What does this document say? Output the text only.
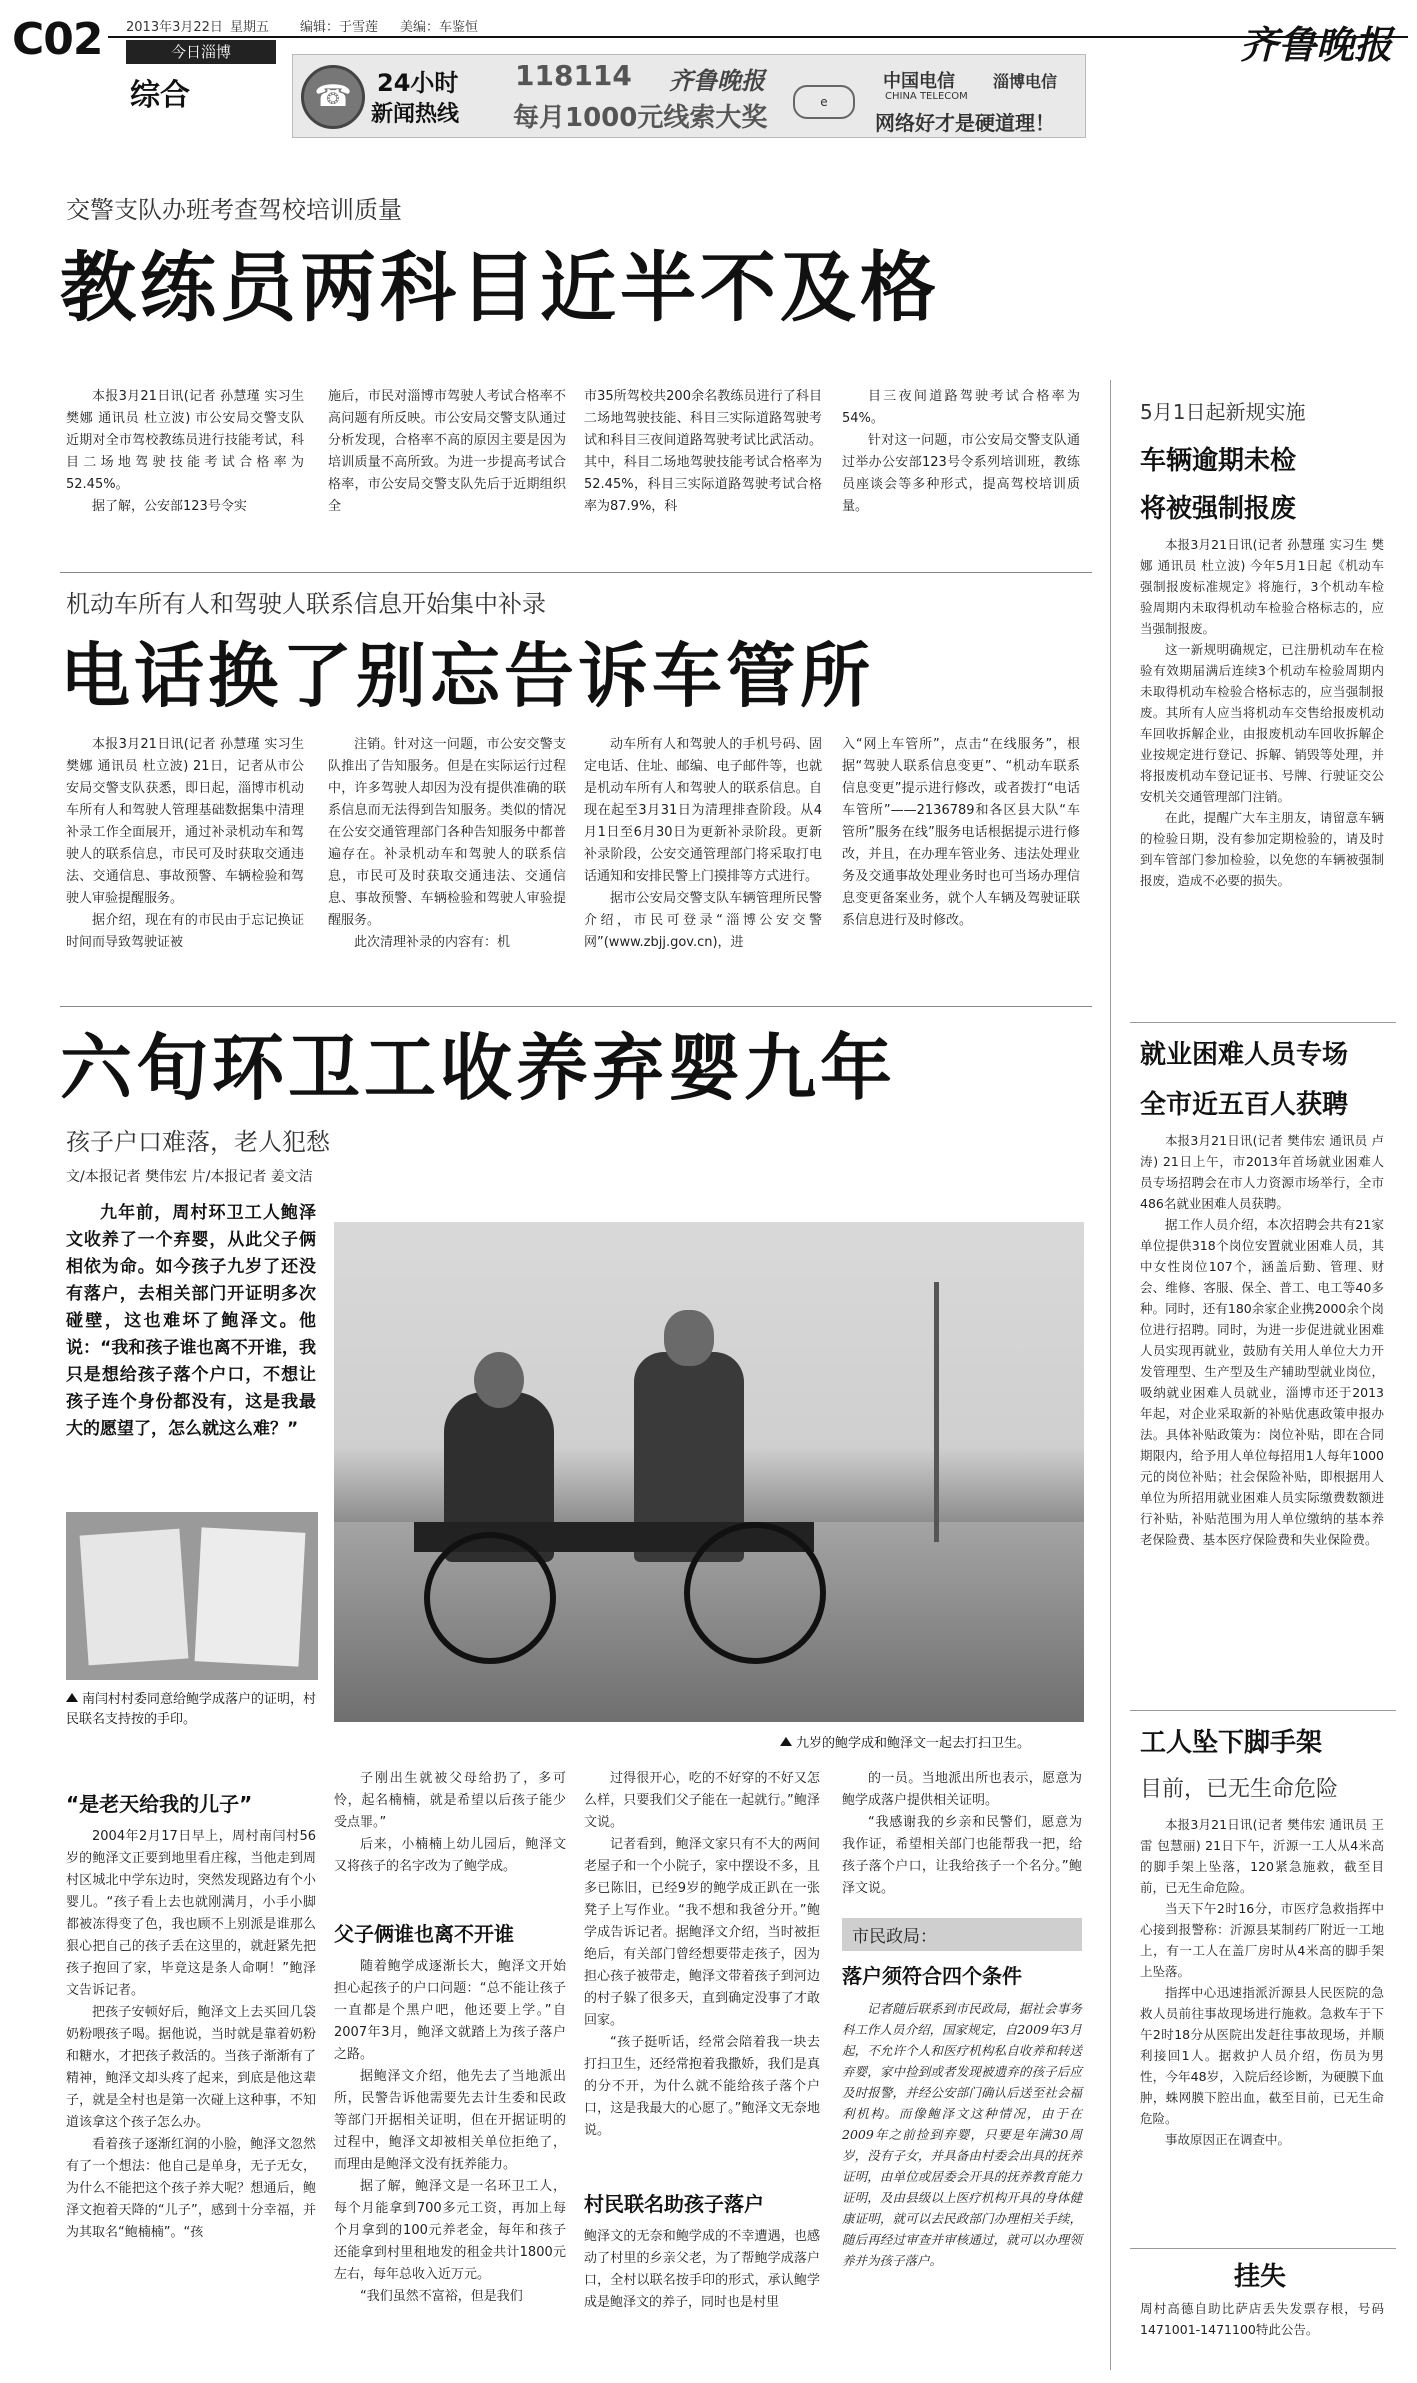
C02 2013年3月22日 星期五 编辑：于雪莲 美编：车鉴恒
今日淄博
综合
齐鲁晚报
☎	24小时
新闻热线
118114 齐鲁晚报
每月1000元线索大奖
e
中国电信
CHINA TELECOM
淄博电信
网络好才是硬道理！
交警支队办班考查驾校培训质量
教练员两科目近半不及格

本报3月21日讯(记者 孙慧瑾 实习生 樊娜 通讯员 杜立波) 市公安局交警支队近期对全市驾校教练员进行技能考试，科目二场地驾驶技能考试合格率为52.45%。

据了解，公安部123号令实

施后，市民对淄博市驾驶人考试合格率不高问题有所反映。市公安局交警支队通过分析发现，合格率不高的原因主要是因为培训质量不高所致。为进一步提高考试合格率，市公安局交警支队先后于近期组织全
市35所驾校共200余名教练员进行了科目二场地驾驶技能、科目三实际道路驾驶考试和科目三夜间道路驾驶考试比武活动。其中，科目二场地驾驶技能考试合格率为52.45%，科目三实际道路驾驶考试合格率为87.9%，科

目三夜间道路驾驶考试合格率为54%。

针对这一问题，市公安局交警支队通过举办公安部123号令系列培训班，教练员座谈会等多种形式，提高驾校培训质量。

机动车所有人和驾驶人联系信息开始集中补录
电话换了别忘告诉车管所

本报3月21日讯(记者 孙慧瑾 实习生 樊娜 通讯员 杜立波) 21日，记者从市公安局交警支队获悉，即日起，淄博市机动车所有人和驾驶人管理基础数据集中清理补录工作全面展开，通过补录机动车和驾驶人的联系信息，市民可及时获取交通违法、交通信息、事故预警、车辆检验和驾驶人审验提醒服务。

据介绍，现在有的市民由于忘记换证时间而导致驾驶证被

注销。针对这一问题，市公安交警支队推出了告知服务。但是在实际运行过程中，许多驾驶人却因为没有提供准确的联系信息而无法得到告知服务。类似的情况在公安交通管理部门各种告知服务中都普遍存在。补录机动车和驾驶人的联系信息，市民可及时获取交通违法、交通信息、事故预警、车辆检验和驾驶人审验提醒服务。

此次清理补录的内容有：机

动车所有人和驾驶人的手机号码、固定电话、住址、邮编、电子邮件等，也就是机动车所有人和驾驶人的联系信息。自现在起至3月31日为清理排查阶段。从4月1日至6月30日为更新补录阶段。更新补录阶段，公安交通管理部门将采取打电话通知和安排民警上门摸排等方式进行。

据市公安局交警支队车辆管理所民警介绍，市民可登录“淄博公安交警网”(www.zbjj.gov.cn)，进

入“网上车管所”，点击“在线服务”，根据“驾驶人联系信息变更”、“机动车联系信息变更”提示进行修改，或者拨打“电话车管所”——2136789和各区县大队“车管所”服务在线”服务电话根据提示进行修改，并且，在办理车管业务、违法处理业务及交通事故处理业务时也可当场办理信息变更备案业务，就个人车辆及驾驶证联系信息进行及时修改。
六旬环卫工收养弃婴九年
孩子户口难落，老人犯愁
文/本报记者 樊伟宏 片/本报记者 姜文洁
九年前，周村环卫工人鲍泽文收养了一个弃婴，从此父子俩相依为命。如今孩子九岁了还没有落户，去相关部门开证明多次碰壁，这也难坏了鲍泽文。他说：“我和孩子谁也离不开谁，我只是想给孩子落个户口，不想让孩子连个身份都没有，这是我最大的愿望了，怎么就这么难？”
南闫村村委同意给鲍学成落户的证明，村民联名支持按的手印。
九岁的鲍学成和鲍泽文一起去打扫卫生。
“是老天给我的儿子”

2004年2月17日早上，周村南闫村56岁的鲍泽文正要到地里看庄稼，当他走到周村区城北中学东边时，突然发现路边有个小婴儿。“孩子看上去也就刚满月，小手小脚都被冻得变了色，我也顾不上别派是谁那么狠心把自己的孩子丢在这里的，就赶紧先把孩子抱回了家，毕竟这是条人命啊！”鲍泽文告诉记者。

把孩子安顿好后，鲍泽文上去买回几袋奶粉喂孩子喝。据他说，当时就是靠着奶粉和糖水，才把孩子救活的。当孩子渐渐有了精神，鲍泽文却头疼了起来，到底是他这辈子，就是全村也是第一次碰上这种事，不知道该拿这个孩子怎么办。

看着孩子逐渐红润的小脸，鲍泽文忽然有了一个想法：他自己是单身，无子无女，为什么不能把这个孩子养大呢？想通后，鲍泽文抱着天降的“儿子”，感到十分幸福，并为其取名“鲍楠楠”。“孩

子刚出生就被父母给扔了，多可怜，起名楠楠，就是希望以后孩子能少受点罪。”

后来，小楠楠上幼儿园后，鲍泽文又将孩子的名字改为了鲍学成。

父子俩谁也离不开谁

随着鲍学成逐渐长大，鲍泽文开始担心起孩子的户口问题：“总不能让孩子一直都是个黑户吧，他还要上学。”自2007年3月，鲍泽文就踏上为孩子落户之路。

据鲍泽文介绍，他先去了当地派出所，民警告诉他需要先去计生委和民政等部门开据相关证明，但在开据证明的过程中，鲍泽文却被相关单位拒绝了，而理由是鲍泽文没有抚养能力。

据了解，鲍泽文是一名环卫工人，每个月能拿到700多元工资，再加上每个月拿到的100元养老金，每年和孩子还能拿到村里租地发的租金共计1800元左右，每年总收入近万元。

“我们虽然不富裕，但是我们

过得很开心，吃的不好穿的不好又怎么样，只要我们父子能在一起就行。”鲍泽文说。

记者看到，鲍泽文家只有不大的两间老屋子和一个小院子，家中摆设不多，且多已陈旧，已经9岁的鲍学成正趴在一张凳子上写作业。“我不想和我爸分开。”鲍学成告诉记者。据鲍泽文介绍，当时被拒绝后，有关部门曾经想要带走孩子，因为担心孩子被带走，鲍泽文带着孩子到河边的村子躲了很多天，直到确定没事了才敢回家。

“孩子挺听话，经常会陪着我一块去打扫卫生，还经常抱着我撒娇，我们是真的分不开，为什么就不能给孩子落个户口，这是我最大的心愿了。”鲍泽文无奈地说。

村民联名助孩子落户
鲍泽文的无奈和鲍学成的不幸遭遇，也感动了村里的乡亲父老，为了帮鲍学成落户口，全村以联名按手印的形式，承认鲍学成是鲍泽文的养子，同时也是村里

的一员。当地派出所也表示，愿意为鲍学成落户提供相关证明。

“我感谢我的乡亲和民警们，愿意为我作证，希望相关部门也能帮我一把，给孩子落个户口，让我给孩子一个名分。”鲍泽文说。

市民政局：
落户须符合四个条件
记者随后联系到市民政局，据社会事务科工作人员介绍，国家规定，自2009年3月起，不允许个人和医疗机构私自收养和转送弃婴，家中捡到或者发现被遗弃的孩子后应及时报警，并经公安部门确认后送至社会福利机构。而像鲍泽文这种情况，由于在2009年之前捡到弃婴，只要是年满30周岁，没有子女，并具备由村委会出具的抚养证明，由单位或居委会开具的抚养教育能力证明，及由县级以上医疗机构开具的身体健康证明，就可以去民政部门办理相关手续，随后再经过审查并审核通过，就可以办理领养并为孩子落户。
5月1日起新规实施
车辆逾期未检
将被强制报废

本报3月21日讯(记者 孙慧瑾 实习生 樊娜 通讯员 杜立波) 今年5月1日起《机动车强制报废标准规定》将施行，3个机动车检验周期内未取得机动车检验合格标志的，应当强制报废。

这一新规明确规定，已注册机动车在检验有效期届满后连续3个机动车检验周期内未取得机动车检验合格标志的，应当强制报废。其所有人应当将机动车交售给报废机动车回收拆解企业，由报废机动车回收拆解企业按规定进行登记、拆解、销毁等处理，并将报废机动车登记证书、号牌、行驶证交公安机关交通管理部门注销。

在此，提醒广大车主朋友，请留意车辆的检验日期，没有参加定期检验的，请及时到车管部门参加检验，以免您的车辆被强制报废，造成不必要的损失。

就业困难人员专场
全市近五百人获聘

本报3月21日讯(记者 樊伟宏 通讯员 卢涛) 21日上午，市2013年首场就业困难人员专场招聘会在市人力资源市场举行，全市486名就业困难人员获聘。

据工作人员介绍，本次招聘会共有21家单位提供318个岗位安置就业困难人员，其中女性岗位107个，涵盖后勤、管理、财会、维修、客服、保全、普工、电工等40多种。同时，还有180余家企业携2000余个岗位进行招聘。同时，为进一步促进就业困难人员实现再就业，鼓励有关用人单位大力开发管理型、生产型及生产辅助型就业岗位，吸纳就业困难人员就业，淄博市还于2013年起，对企业采取新的补贴优惠政策申报办法。具体补贴政策为：岗位补贴，即在合同期限内，给予用人单位每招用1人每年1000元的岗位补贴；社会保险补贴，即根据用人单位为所招用就业困难人员实际缴费数额进行补贴，补贴范围为用人单位缴纳的基本养老保险费、基本医疗保险费和失业保险费。

工人坠下脚手架
目前，已无生命危险

本报3月21日讯(记者 樊伟宏 通讯员 王雷 包慧丽) 21日下午，沂源一工人从4米高的脚手架上坠落，120紧急施救，截至目前，已无生命危险。

当天下午2时16分，市医疗急救指挥中心接到报警称：沂源县某制药厂附近一工地上，有一工人在盖厂房时从4米高的脚手架上坠落。

指挥中心迅速指派沂源县人民医院的急救人员前往事故现场进行施救。急救车于下午2时18分从医院出发赶往事故现场，并顺利接回1人。据救护人员介绍，伤员为男性，今年48岁，入院后经诊断，为硬膜下血肿，蛛网膜下腔出血，截至目前，已无生命危险。

事故原因正在调查中。

挂失
周村高德自助比萨店丢失发票存根，号码1471001-1471100特此公告。
